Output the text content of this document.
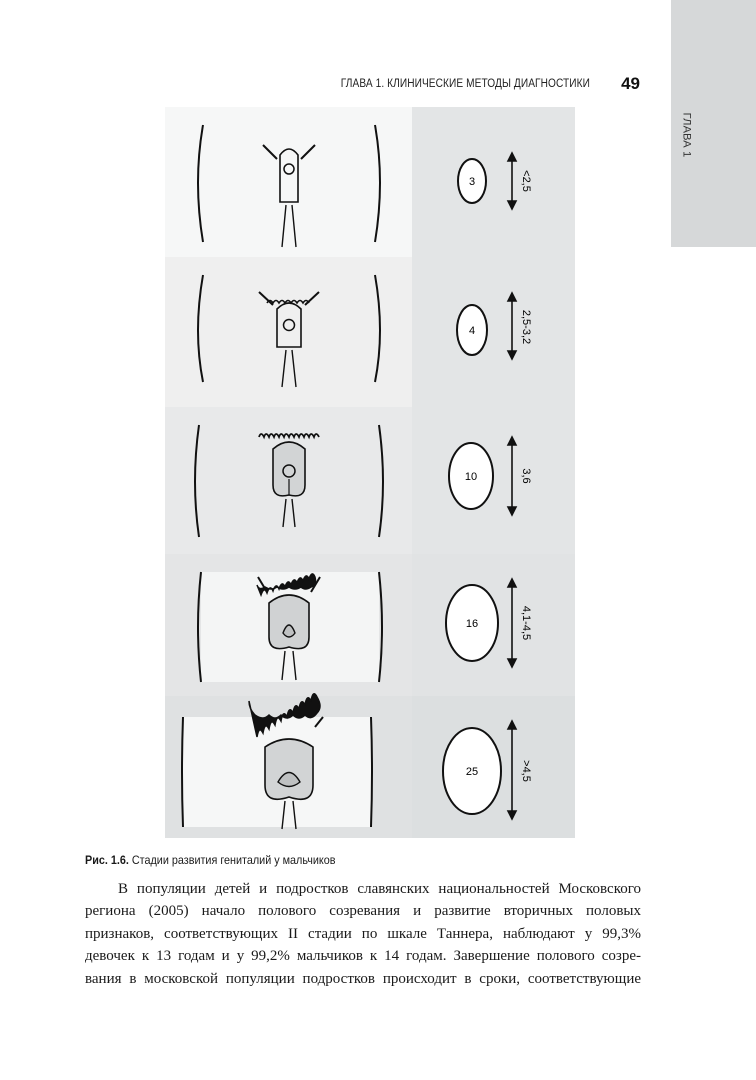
ГЛАВА 1
ГЛАВА 1. КЛИНИЧЕСКИЕ МЕТОДЫ ДИАГНОСТИКИ	49
3	<2,5
4	2,5-3,2
10	3,6
16	4,1-4,5
25	>4,5
Рис. 1.6. Стадии развития гениталий у мальчиков
В популяции детей и подростков славянских национальностей Московского
региона (2005) начало полового созревания и развитие вторичных половых
признаков, соответствующих II стадии по шкале Таннера, наблюдают у 99,3%
девочек к 13 годам и у 99,2% мальчиков к 14 годам. Завершение полового созре-
вания в московской популяции подростков происходит в сроки, соответствующие
